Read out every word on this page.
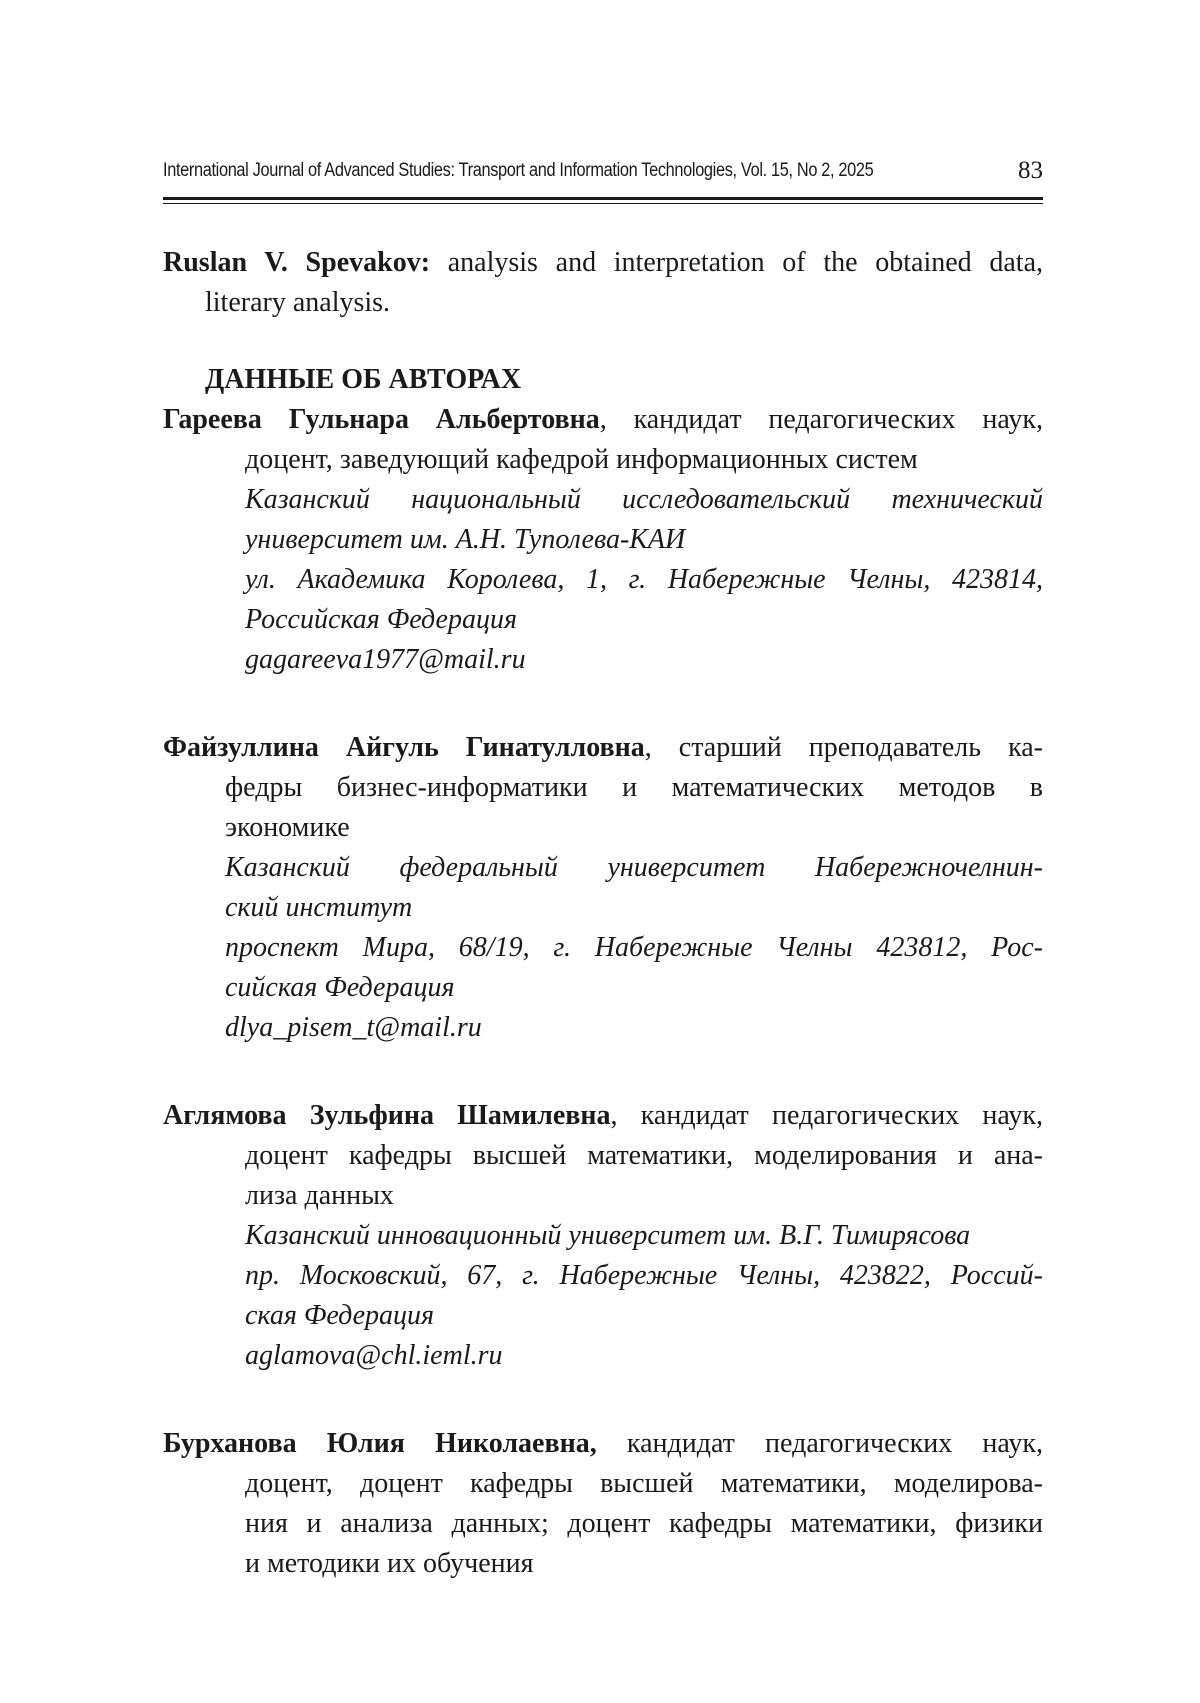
International Journal of Advanced Studies: Transport and Information Technologies, Vol. 15, No 2, 2025	83

Ruslan V. Spevakov: analysis and interpretation of the obtained data,
literary analysis.

ДАННЫЕ ОБ АВТОРАХ
Гареева Гульнара Альбертовна, кандидат педагогических наук,
доцент, заведующий кафедрой информационных систем
Казанский национальный исследовательский технический
университет им. А.Н. Туполева-КАИ
ул. Академика Королева, 1, г. Набережные Челны, 423814,
Российская Федерация
gagareeva1977@mail.ru
Файзуллина Айгуль Гинатулловна, старший преподаватель ка-
федры бизнес-информатики и математических методов в
экономике
Казанский федеральный университет Набережночелнин-
ский институт
проспект Мира, 68/19, г. Набережные Челны 423812, Рос-
сийская Федерация
dlya_pisem_t@mail.ru
Аглямова Зульфина Шамилевна, кандидат педагогических наук,
доцент кафедры высшей математики, моделирования и ана-
лиза данных
Казанский инновационный университет им. В.Г. Тимирясова
пр. Московский, 67, г. Набережные Челны, 423822, Россий-
ская Федерация
aglamova@chl.ieml.ru
Бурханова Юлия Николаевна, кандидат педагогических наук,
доцент, доцент кафедры высшей математики, моделирова-
ния и анализа данных; доцент кафедры математики, физики
и методики их обучения
